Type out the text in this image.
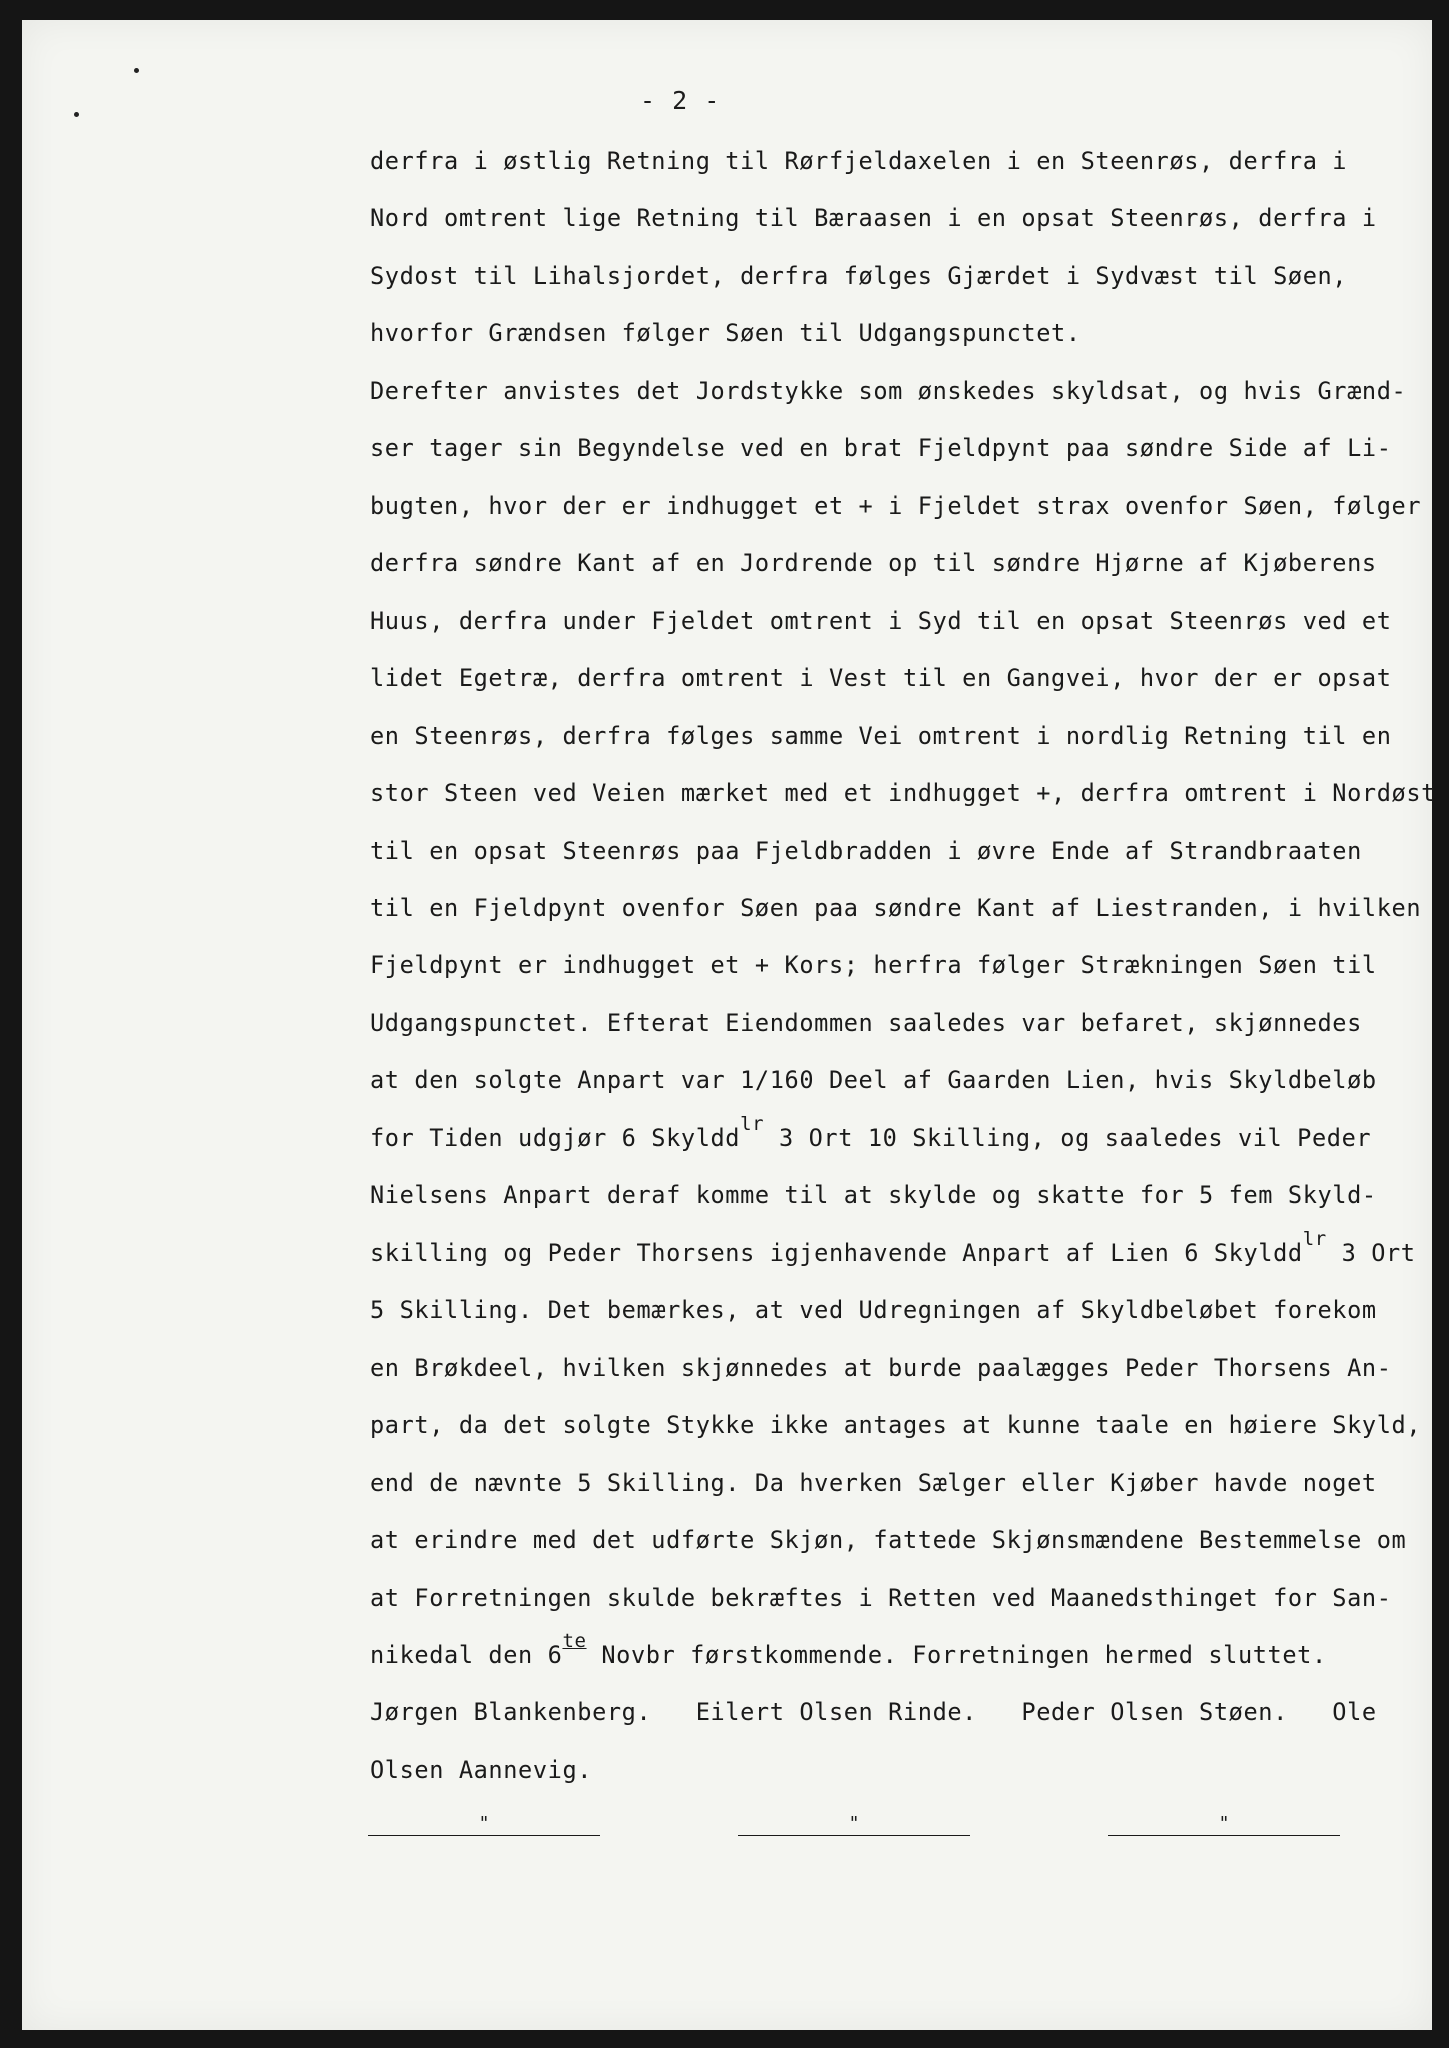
- 2 -
derfra i østlig Retning til Rørfjeldaxelen i en Steenrøs, derfra i
Nord omtrent lige Retning til Bæraasen i en opsat Steenrøs, derfra i
Sydost til Lihalsjordet, derfra følges Gjærdet i Sydvæst til Søen,
hvorfor Grændsen følger Søen til Udgangspunctet.
Derefter anvistes det Jordstykke som ønskedes skyldsat, og hvis Grænd-
ser tager sin Begyndelse ved en brat Fjeldpynt paa søndre Side af Li-
bugten, hvor der er indhugget et + i Fjeldet strax ovenfor Søen, følger
derfra søndre Kant af en Jordrende op til søndre Hjørne af Kjøberens
Huus, derfra under Fjeldet omtrent i Syd til en opsat Steenrøs ved et
lidet Egetræ, derfra omtrent i Vest til en Gangvei, hvor der er opsat
en Steenrøs, derfra følges samme Vei omtrent i nordlig Retning til en
stor Steen ved Veien mærket med et indhugget +, derfra omtrent i Nordøst
til en opsat Steenrøs paa Fjeldbradden i øvre Ende af Strandbraaten
til en Fjeldpynt ovenfor Søen paa søndre Kant af Liestranden, i hvilken
Fjeldpynt er indhugget et + Kors; herfra følger Strækningen Søen til
Udgangspunctet. Efterat Eiendommen saaledes var befaret, skjønnedes
at den solgte Anpart var 1/160 Deel af Gaarden Lien, hvis Skyldbeløb
for Tiden udgjør 6 Skyldd$^{lr}$ 3 Ort 10 Skilling, og saaledes vil Peder
Nielsens Anpart deraf komme til at skylde og skatte for 5 fem Skyld-
skilling og Peder Thorsens igjenhavende Anpart af Lien 6 Skyldd$^{lr}$ 3 Ort
5 Skilling. Det bemærkes, at ved Udregningen af Skyldbeløbet forekom
en Brøkdeel, hvilken skjønnedes at burde paalægges Peder Thorsens An-
part, da det solgte Stykke ikke antages at kunne taale en høiere Skyld,
end de nævnte 5 Skilling. Da hverken Sælger eller Kjøber havde noget
at erindre med det udførte Skjøn, fattede Skjønsmændene Bestemmelse om
at Forretningen skulde bekræftes i Retten ved Maanedsthinget for San-
nikedal den $6^{te}$ Novbr førstkommende. Forretningen hermed sluttet.
Jørgen Blankenberg.   Eilert Olsen Rinde.   Peder Olsen Støen.   Ole
Olsen Aannevig.
"	"	"
